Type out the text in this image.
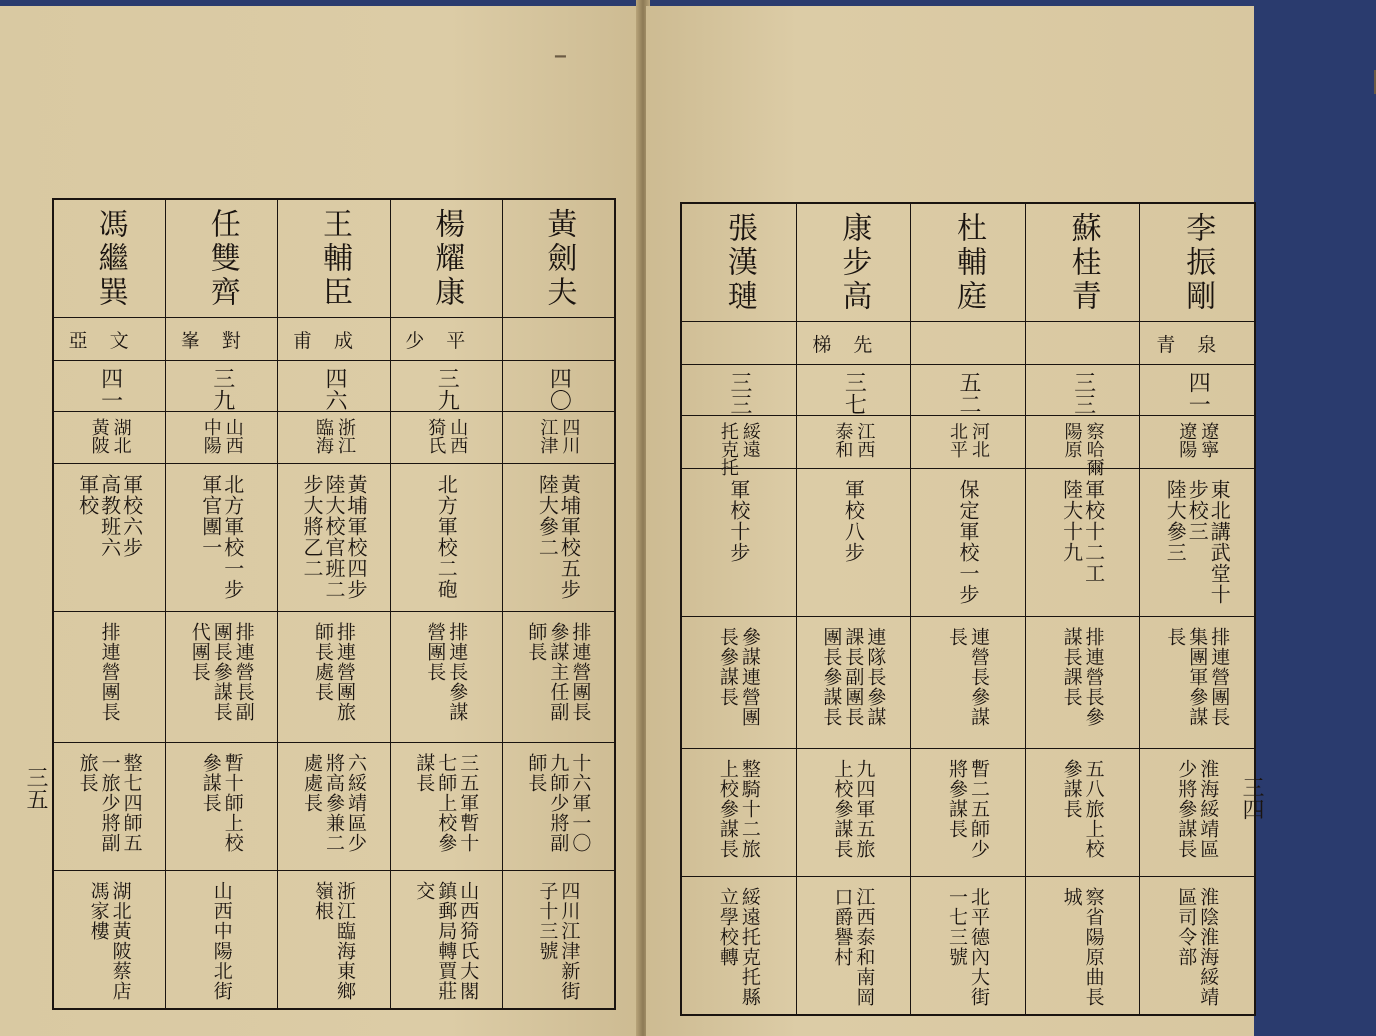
▁
黃劍夫
四〇
四川
江津
黃埔軍校五步
陸大參二
排連營團長
參謀主任副
師長
十六軍一〇
九師少將副
師長
四川江津新街
子十三號
楊耀康
少平
三九
山西
猗氏
北方軍校二砲
排連長參謀
營團長
三五軍暫十
七師上校參
謀長
山西猗氏大閣
鎮郵局轉賈莊
交
王輔臣
甫成
四六
浙江
臨海
黃埔軍校四步
陸大校官班二
步大將乙二
排連營團旅
師長處長
六綏靖區少
將高參兼二
處處長
浙江臨海東鄉
嶺根
任雙齊
峯對
三九
山西
中陽
北方軍校一步
軍官團一
排連營長副
團長參謀長
代團長
暫十師上校
參謀長
山西中陽北街
馮繼巽
亞文
四一
湖北
黃陂
軍校六步
高教班六
軍校
排連營團長
整七四師五
一旅少將副
旅長
湖北黃陂蔡店
馮家樓
三五
李振剛
青泉
四一
遼寧
遼陽
東北講武堂十
步校三
陸大參三
排連營團長
集團軍參謀
長
淮海綏靖區
少將參謀長
淮陰淮海綏靖
區司令部
蘇桂青
三三
察哈爾
陽原
軍校十二工
陸大十九
排連營長參
謀長課長
五八旅上校
參謀長
察省陽原曲長
城
杜輔庭
五二
河北
北平
保定軍校一步
連營長參謀
長
暫二五師少
將參謀長
北平德內大街
一七三號
康步高
梯先
三七
江西
泰和
軍校八步
連隊長參謀
課長副團長
團長參謀長
九四軍五旅
上校參謀長
江西泰和南岡
口爵譽村
張漢璉
三三
綏遠
托克托
軍校十步
參謀連營團
長參謀長
整騎十二旅
上校參謀長
綏遠托克托縣
立學校轉
三四
